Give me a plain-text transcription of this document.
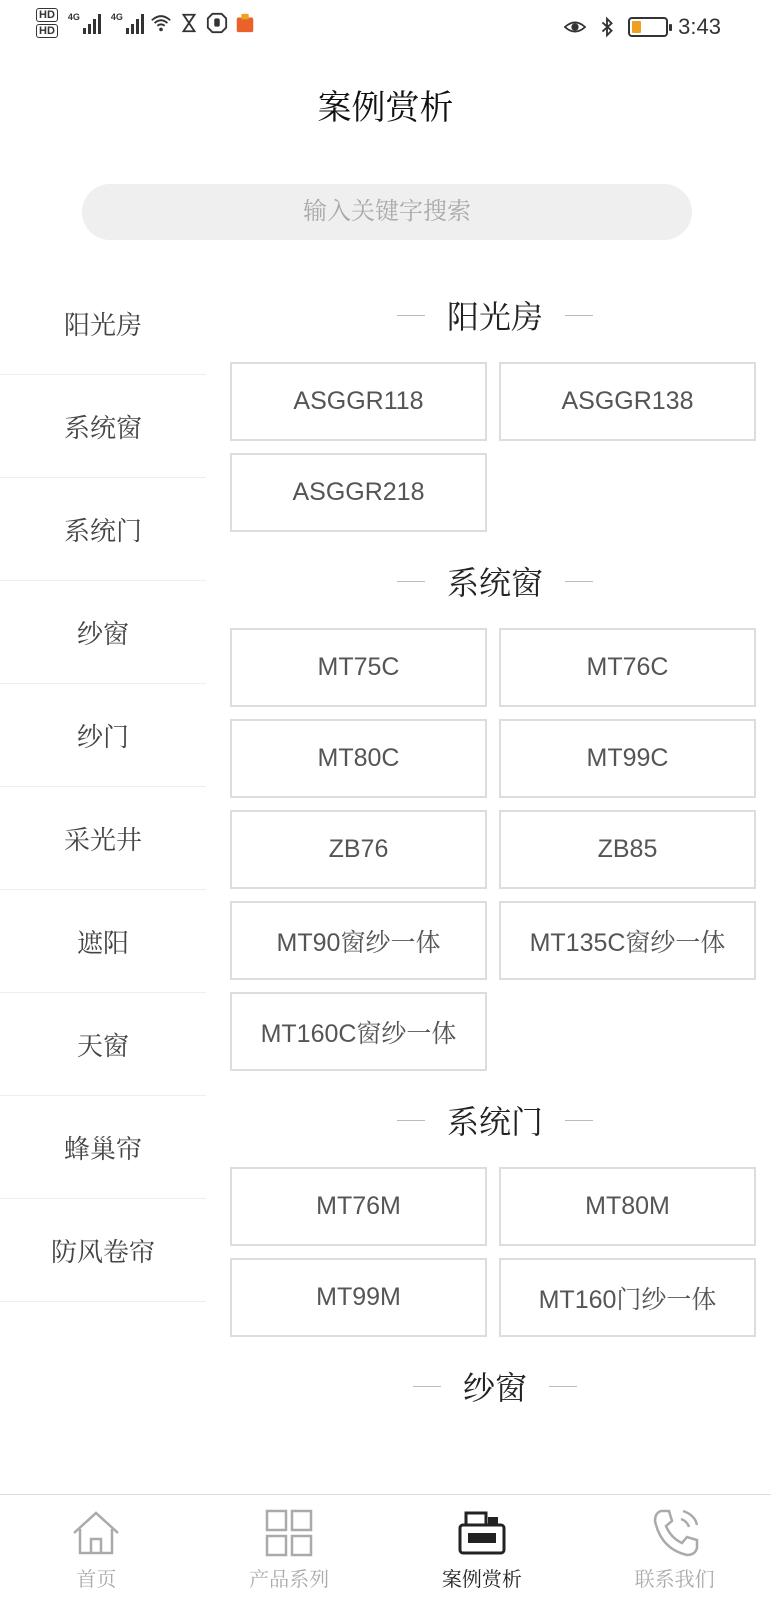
HD
HD
4G	4G	3:43
案例赏析
输入关键字搜索
阳光房
系统窗
系统门
纱窗
纱门
采光井
遮阳
天窗
蜂巢帘
防风卷帘
阳光房
ASGGR118	ASGGR138
ASGGR218
系统窗
MT75C	MT76C
MT80C	MT99C
ZB76	ZB85
MT90窗纱一体	MT135C窗纱一体
MT160C窗纱一体
系统门
MT76M	MT80M
MT99M	MT160门纱一体
纱窗
首页	产品系列	案例赏析	联系我们
